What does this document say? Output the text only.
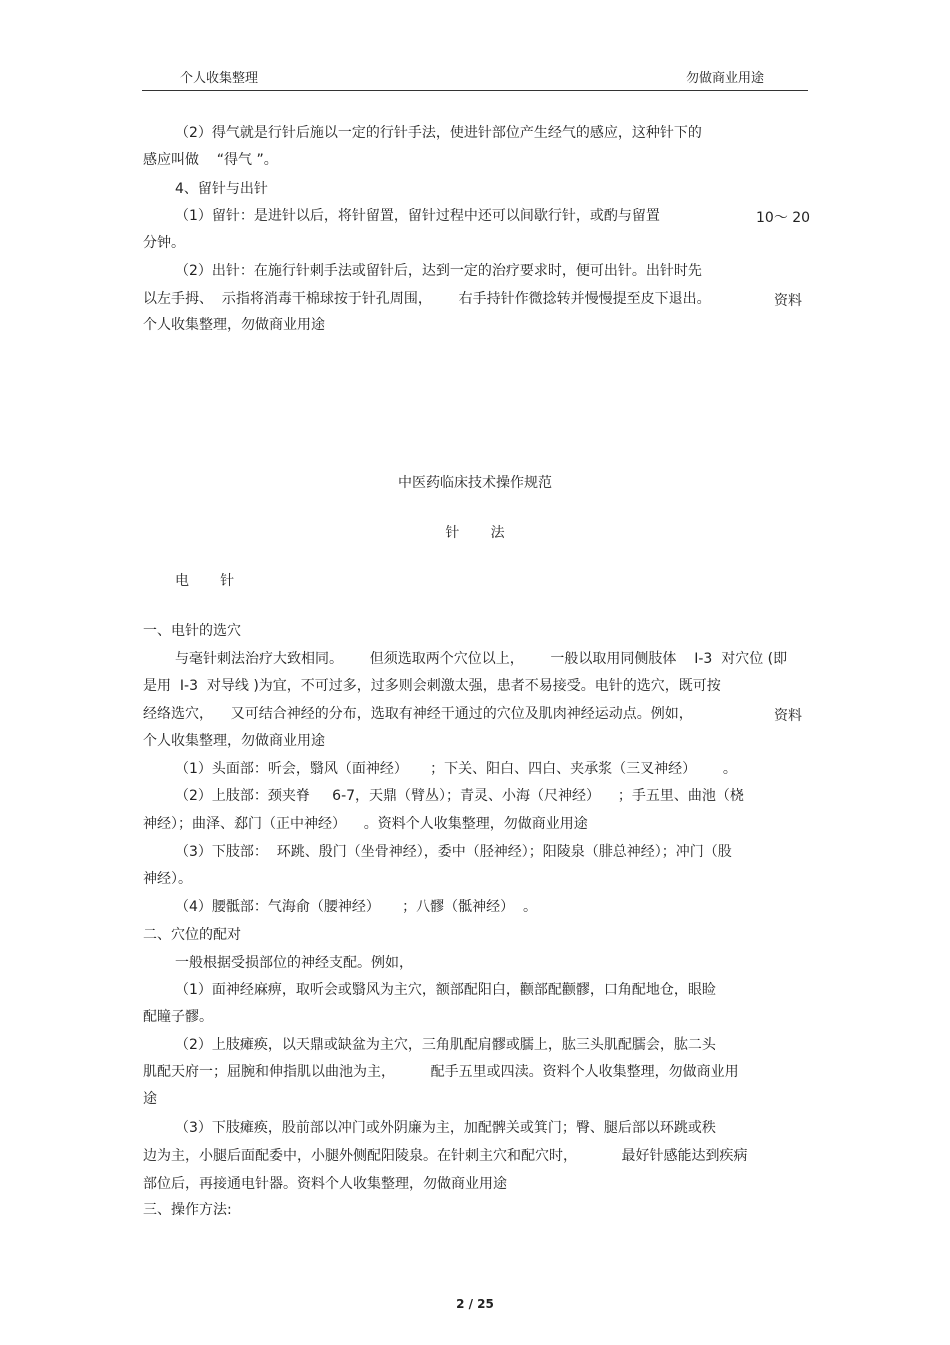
个人收集整理	勿做商业用途
（2）得气就是行针后施以一定的行针手法，使进针部位产生经气的感应，这种针下的
感应叫做    “得气 ”。
4、留针与出针
（1）留针：是进针以后，将针留置，留针过程中还可以间歇行针，或酌与留置	10～ 20
分钟。
（2）出针：在施行针刺手法或留针后，达到一定的治疗要求时，便可出针。出针时先
以左手拇、  示指将消毒干棉球按于针孔周围，      右手持针作微捻转并慢慢提至皮下退出。	资料
个人收集整理，勿做商业用途
中医药临床技术操作规范
针       法
电       针
一、电针的选穴
与毫针刺法治疗大致相同。      但须选取两个穴位以上，      一般以取用同侧肢体    I-3  对穴位 (即
是用  I-3  对导线 )为宜，不可过多，过多则会刺激太强，患者不易接受。电针的选穴，既可按
经络选穴，    又可结合神经的分布，选取有神经干通过的穴位及肌肉神经运动点。例如，	资料
个人收集整理，勿做商业用途
（1）头面部：听会，翳风（面神经）     ；下关、阳白、四白、夹承浆（三叉神经）      。
（2）上肢部：颈夹脊     6-7，天鼎（臂丛）；青灵、小海（尺神经）    ；手五里、曲池（桡
神经）；曲泽、郄门（正中神经）    。资料个人收集整理，勿做商业用途
（3）下肢部：  环跳、殷门（坐骨神经），委中（胫神经）；阳陵泉（腓总神经）；冲门（股
神经）。
（4）腰骶部：气海俞（腰神经）     ；八髎（骶神经）  。
二、穴位的配对
一般根据受损部位的神经支配。例如，
（1）面神经麻痹，取听会或翳风为主穴，额部配阳白，颧部配颧髎，口角配地仓，眼睑
配瞳子髎。
（2）上肢瘫痪，以天鼎或缺盆为主穴，三角肌配肩髎或臑上，肱三头肌配臑会，肱二头
肌配天府一；屈腕和伸指肌以曲池为主，        配手五里或四渎。资料个人收集整理，勿做商业用
途
（3）下肢瘫痪，股前部以冲门或外阴廉为主，加配髀关或箕门；臀、腿后部以环跳或秩
边为主，小腿后面配委中，小腿外侧配阳陵泉。在针刺主穴和配穴时，          最好针感能达到疾病
部位后，再接通电针器。资料个人收集整理，勿做商业用途
三、操作方法:
2 / 25
